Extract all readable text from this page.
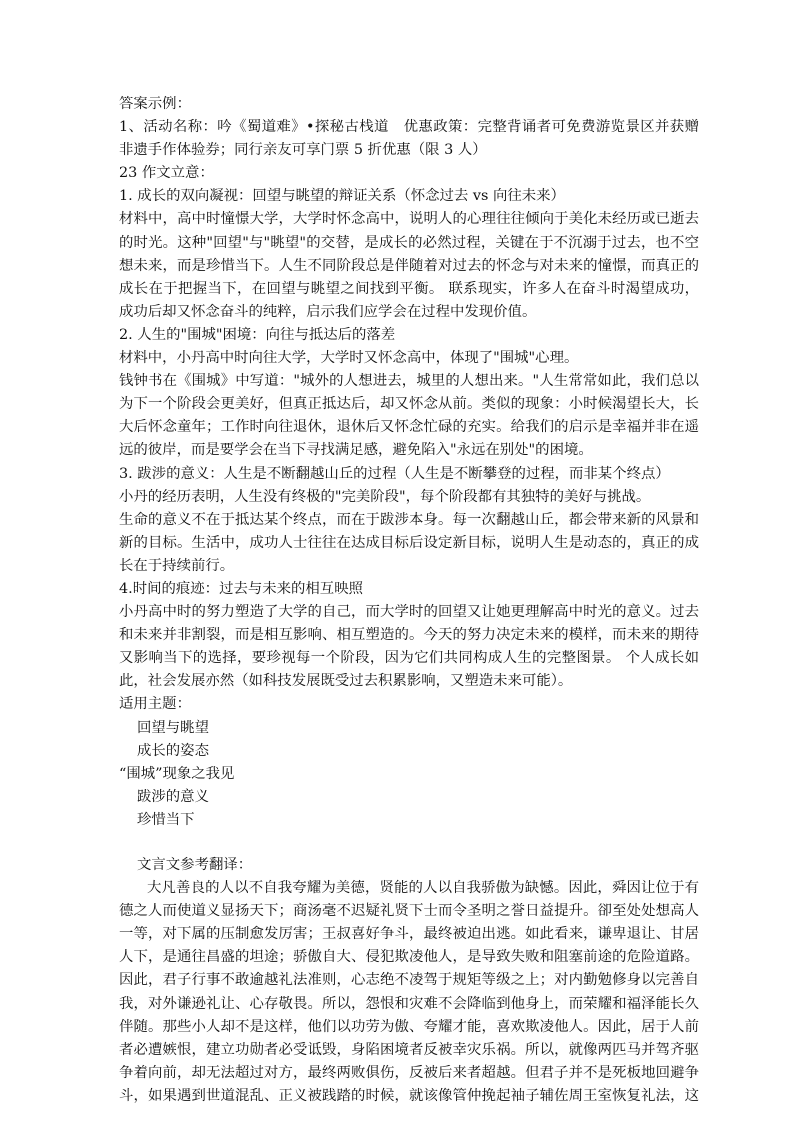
答案示例：
1、活动名称：吟《蜀道难》•探秘古栈道　优惠政策：完整背诵者可免费游览景区并获赠
非遗手作体验券；同行亲友可享门票 5 折优惠（限 3 人）
23 作文立意：
1. 成长的双向凝视：回望与眺望的辩证关系（怀念过去 vs 向往未来）
材料中，高中时憧憬大学，大学时怀念高中，说明人的心理往往倾向于美化未经历或已逝去
的时光。这种"回望"与"眺望"的交替，是成长的必然过程，关键在于不沉溺于过去，也不空
想未来，而是珍惜当下。人生不同阶段总是伴随着对过去的怀念与对未来的憧憬，而真正的
成长在于把握当下，在回望与眺望之间找到平衡。 联系现实，许多人在奋斗时渴望成功，
成功后却又怀念奋斗的纯粹，启示我们应学会在过程中发现价值。
2. 人生的"围城"困境：向往与抵达后的落差
材料中，小丹高中时向往大学，大学时又怀念高中，体现了"围城"心理。
钱钟书在《围城》中写道："城外的人想进去，城里的人想出来。"人生常常如此，我们总以
为下一个阶段会更美好，但真正抵达后，却又怀念从前。类似的现象：小时候渴望长大，长
大后怀念童年；工作时向往退休，退休后又怀念忙碌的充实。给我们的启示是幸福并非在遥
远的彼岸，而是要学会在当下寻找满足感，避免陷入"永远在别处"的困境。
3. 跋涉的意义：人生是不断翻越山丘的过程（人生是不断攀登的过程，而非某个终点）
小丹的经历表明，人生没有终极的"完美阶段"，每个阶段都有其独特的美好与挑战。
生命的意义不在于抵达某个终点，而在于跋涉本身。每一次翻越山丘，都会带来新的风景和
新的目标。生活中，成功人士往往在达成目标后设定新目标，说明人生是动态的，真正的成
长在于持续前行。
4.时间的痕迹：过去与未来的相互映照
小丹高中时的努力塑造了大学的自己，而大学时的回望又让她更理解高中时光的意义。过去
和未来并非割裂，而是相互影响、相互塑造的。今天的努力决定未来的模样，而未来的期待
又影响当下的选择，要珍视每一个阶段，因为它们共同构成人生的完整图景。 个人成长如
此，社会发展亦然（如科技发展既受过去积累影响，又塑造未来可能）。
适用主题：
回望与眺望
成长的姿态
“围城”现象之我见
跋涉的意义
珍惜当下
文言文参考翻译：
大凡善良的人以不自我夸耀为美德，贤能的人以自我骄傲为缺憾。因此，舜因让位于有
德之人而使道义显扬天下；商汤毫不迟疑礼贤下士而令圣明之誉日益提升。卻至处处想高人
一等，对下属的压制愈发厉害；王叔喜好争斗，最终被迫出逃。如此看来，谦卑退让、甘居
人下，是通往昌盛的坦途；骄傲自大、侵犯欺凌他人，是导致失败和阻塞前途的危险道路。
因此，君子行事不敢逾越礼法准则，心志绝不凌驾于规矩等级之上；对内勤勉修身以完善自
我，对外谦逊礼让、心存敬畏。所以，怨恨和灾难不会降临到他身上，而荣耀和福泽能长久
伴随。那些小人却不是这样，他们以功劳为傲、夸耀才能，喜欢欺凌他人。因此，居于人前
者必遭嫉恨，建立功勋者必受诋毁，身陷困境者反被幸灾乐祸。所以，就像两匹马并驾齐驱
争着向前，却无法超过对方，最终两败俱伤，反被后来者超越。但君子并不是死板地回避争
斗，如果遇到世道混乱、正义被践踏的时候，就该像管仲挽起袖子辅佐周王室恢复礼法，这
